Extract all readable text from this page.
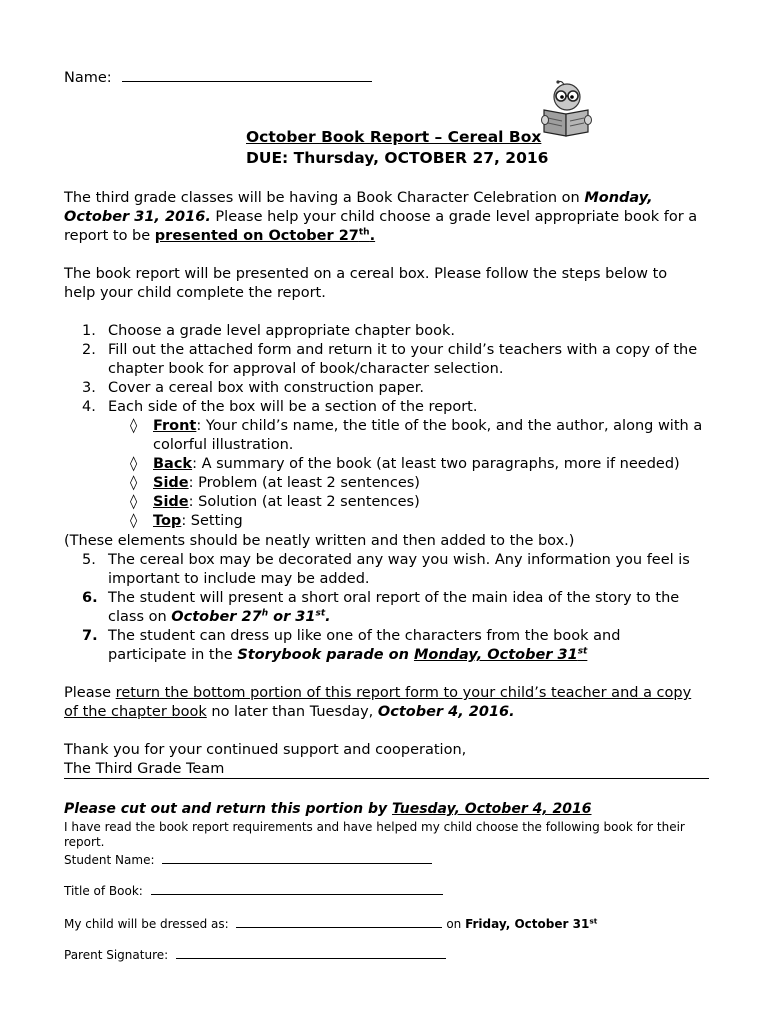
Name:
October Book Report – Cereal Box
DUE: Thursday, OCTOBER 27, 2016
The third grade classes will be having a Book Character Celebration on Monday,
October 31, 2016. Please help your child choose a grade level appropriate book for a
report to be presented on October 27th.
The book report will be presented on a cereal box. Please follow the steps below to
help your child complete the report.
1. Choose a grade level appropriate chapter book.
2. Fill out the attached form and return it to your child’s teachers with a copy of the
chapter book for approval of book/character selection.
3. Cover a cereal box with construction paper.
4. Each side of the box will be a section of the report.
◊ Front: Your child’s name, the title of the book, and the author, along with a
colorful illustration.
◊ Back: A summary of the book (at least two paragraphs, more if needed)
◊ Side: Problem (at least 2 sentences)
◊ Side: Solution (at least 2 sentences)
◊ Top: Setting
(These elements should be neatly written and then added to the box.)
5. The cereal box may be decorated any way you wish. Any information you feel is
important to include may be added.
6. The student will present a short oral report of the main idea of the story to the
class on October 27$^h$ or 31st.
7. The student can dress up like one of the characters from the book and
participate in the Storybook parade on Monday, October 31st
Please return the bottom portion of this report form to your child’s teacher and a copy
of the chapter book no later than Tuesday, October 4, 2016.
Thank you for your continued support and cooperation,
The Third Grade Team
Please cut out and return this portion by Tuesday, October 4, 2016
I have read the book report requirements and have helped my child choose the following book for their
report.
Student Name:
Title of Book:
My child will be dressed as:	on Friday, October 31st
Parent Signature:
